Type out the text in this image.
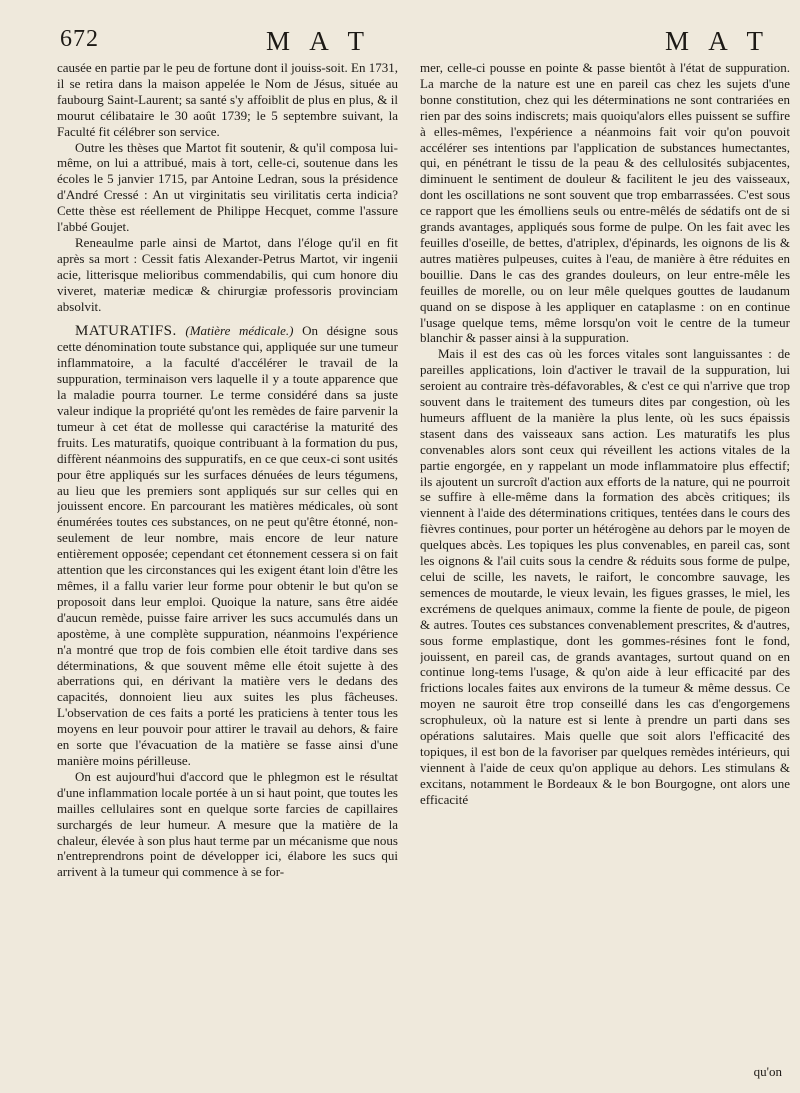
672	M A T	M A T

causée en partie par le peu de fortune dont il jouiss-soit. En 1731, il se retira dans la maison appelée le Nom de Jésus, située au faubourg Saint-Laurent; sa santé s'y affoiblit de plus en plus, & il mourut célibataire le 30 août 1739; le 5 septembre suivant, la Faculté fit célébrer son service.

Outre les thèses que Martot fit soutenir, & qu'il composa lui-même, on lui a attribué, mais à tort, celle-ci, soutenue dans les écoles le 5 janvier 1715, par Antoine Ledran, sous la présidence d'André Cressé : An ut virginitatis seu virilitatis certa indicia? Cette thèse est réellement de Philippe Hecquet, comme l'assure l'abbé Goujet.

Reneaulme parle ainsi de Martot, dans l'éloge qu'il en fit après sa mort : Cessit fatis Alexander-Petrus Martot, vir ingenii acie, litterisque melioribus commendabilis, qui cum honore diu viveret, materiæ medicæ & chirurgiæ professoris provinciam absolvit.

MATURATIFS. (Matière médicale.) On désigne sous cette dénomination toute substance qui, appliquée sur une tumeur inflammatoire, a la faculté d'accélérer le travail de la suppuration, terminaison vers laquelle il y a toute apparence que la maladie pourra tourner. Le terme considéré dans sa juste valeur indique la propriété qu'ont les remèdes de faire parvenir la tumeur à cet état de mollesse qui caractérise la maturité des fruits. Les maturatifs, quoique contribuant à la formation du pus, diffèrent néanmoins des suppuratifs, en ce que ceux-ci sont usités pour être appliqués sur les surfaces dénuées de leurs tégumens, au lieu que les premiers sont appliqués sur sur celles qui en jouissent encore. En parcourant les matières médicales, où sont énumérées toutes ces substances, on ne peut qu'être étonné, non-seulement de leur nombre, mais encore de leur nature entièrement opposée; cependant cet étonnement cessera si on fait attention que les circonstances qui les exigent étant loin d'être les mêmes, il a fallu varier leur forme pour obtenir le but qu'on se proposoit dans leur emploi. Quoique la nature, sans être aidée d'aucun remède, puisse faire arriver les sucs accumulés dans un apostème, à une complète suppuration, néanmoins l'expérience n'a montré que trop de fois combien elle étoit tardive dans ses déterminations, & que souvent même elle étoit sujette à des aberrations qui, en dérivant la matière vers le dedans des capacités, donnoient lieu aux suites les plus fâcheuses. L'observation de ces faits a porté les praticiens à tenter tous les moyens en leur pouvoir pour attirer le travail au dehors, & faire en sorte que l'évacuation de la matière se fasse ainsi d'une manière moins périlleuse.

On est aujourd'hui d'accord que le phlegmon est le résultat d'une inflammation locale portée à un si haut point, que toutes les mailles cellulaires sont en quelque sorte farcies de capillaires surchargés de leur humeur. A mesure que la matière de la chaleur, élevée à son plus haut terme par un mécanisme que nous n'entreprendrons point de développer ici, élabore les sucs qui arrivent à la tumeur qui commence à se for-

mer, celle-ci pousse en pointe & passe bientôt à l'état de suppuration. La marche de la nature est une en pareil cas chez les sujets d'une bonne constitution, chez qui les déterminations ne sont contrariées en rien par des soins indiscrets; mais quoiqu'alors elles puissent se suffire à elles-mêmes, l'expérience a néanmoins fait voir qu'on pouvoit accélérer ses intentions par l'application de substances humectantes, qui, en pénétrant le tissu de la peau & des cellulosités subjacentes, diminuent le sentiment de douleur & facilitent le jeu des vaisseaux, dont les oscillations ne sont souvent que trop embarrassées. C'est sous ce rapport que les émolliens seuls ou entre-mêlés de sédatifs ont de si grands avantages, appliqués sous forme de pulpe. On les fait avec les feuilles d'oseille, de bettes, d'atriplex, d'épinards, les oignons de lis & autres matières pulpeuses, cuites à l'eau, de manière à être réduites en bouillie. Dans le cas des grandes douleurs, on leur entre-mêle les feuilles de morelle, ou on leur mêle quelques gouttes de laudanum quand on se dispose à les appliquer en cataplasme : on en continue l'usage quelque tems, même lorsqu'on voit le centre de la tumeur blanchir & passer ainsi à la suppuration.

Mais il est des cas où les forces vitales sont languissantes : de pareilles applications, loin d'activer le travail de la suppuration, lui seroient au contraire très-défavorables, & c'est ce qui n'arrive que trop souvent dans le traitement des tumeurs dites par congestion, où les humeurs affluent de la manière la plus lente, où les sucs épaissis stasent dans des vaisseaux sans action. Les maturatifs les plus convenables alors sont ceux qui réveillent les actions vitales de la partie engorgée, en y rappelant un mode inflammatoire plus effectif; ils ajoutent un surcroît d'action aux efforts de la nature, qui ne pourroit se suffire à elle-même dans la formation des abcès critiques; ils viennent à l'aide des déterminations critiques, tentées dans le cours des fièvres continues, pour porter un hétérogène au dehors par le moyen de quelques abcès. Les topiques les plus convenables, en pareil cas, sont les oignons & l'ail cuits sous la cendre & réduits sous forme de pulpe, celui de scille, les navets, le raifort, le concombre sauvage, les semences de moutarde, le vieux levain, les figues grasses, le miel, les excrémens de quelques animaux, comme la fiente de poule, de pigeon & autres. Toutes ces substances convenablement prescrites, & d'autres, sous forme emplastique, dont les gommes-résines font le fond, jouissent, en pareil cas, de grands avantages, surtout quand on en continue long-tems l'usage, & qu'on aide à leur efficacité par des frictions locales faites aux environs de la tumeur & même dessus. Ce moyen ne sauroit être trop conseillé dans les cas d'engorgemens scrophuleux, où la nature est si lente à prendre un parti dans ses opérations salutaires. Mais quelle que soit alors l'efficacité des topiques, il est bon de la favoriser par quelques remèdes intérieurs, qui viennent à l'aide de ceux qu'on applique au dehors. Les stimulans & excitans, notamment le Bordeaux & le bon Bourgogne, ont alors une efficacité

qu'on
